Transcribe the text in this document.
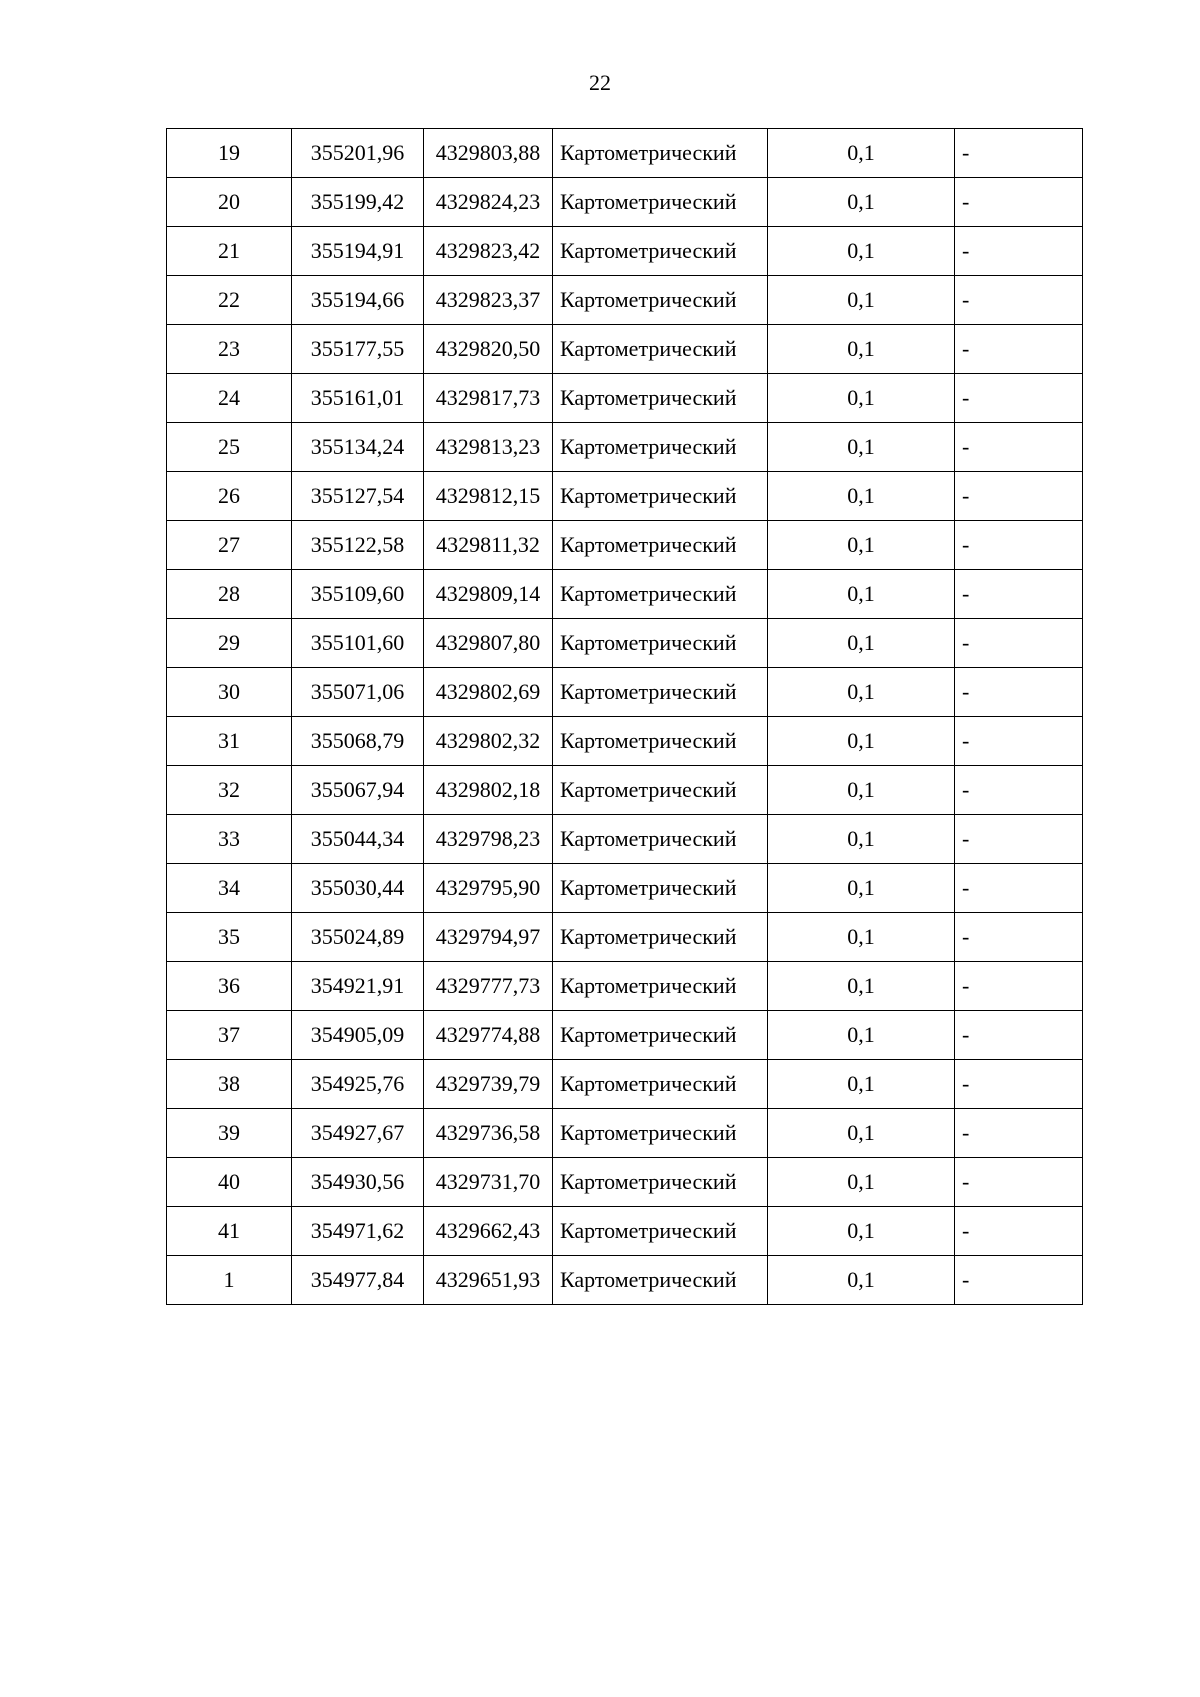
22
19	355201,96	4329803,88	Картометрический	0,1	-
20	355199,42	4329824,23	Картометрический	0,1	-
21	355194,91	4329823,42	Картометрический	0,1	-
22	355194,66	4329823,37	Картометрический	0,1	-
23	355177,55	4329820,50	Картометрический	0,1	-
24	355161,01	4329817,73	Картометрический	0,1	-
25	355134,24	4329813,23	Картометрический	0,1	-
26	355127,54	4329812,15	Картометрический	0,1	-
27	355122,58	4329811,32	Картометрический	0,1	-
28	355109,60	4329809,14	Картометрический	0,1	-
29	355101,60	4329807,80	Картометрический	0,1	-
30	355071,06	4329802,69	Картометрический	0,1	-
31	355068,79	4329802,32	Картометрический	0,1	-
32	355067,94	4329802,18	Картометрический	0,1	-
33	355044,34	4329798,23	Картометрический	0,1	-
34	355030,44	4329795,90	Картометрический	0,1	-
35	355024,89	4329794,97	Картометрический	0,1	-
36	354921,91	4329777,73	Картометрический	0,1	-
37	354905,09	4329774,88	Картометрический	0,1	-
38	354925,76	4329739,79	Картометрический	0,1	-
39	354927,67	4329736,58	Картометрический	0,1	-
40	354930,56	4329731,70	Картометрический	0,1	-
41	354971,62	4329662,43	Картометрический	0,1	-
1	354977,84	4329651,93	Картометрический	0,1	-
